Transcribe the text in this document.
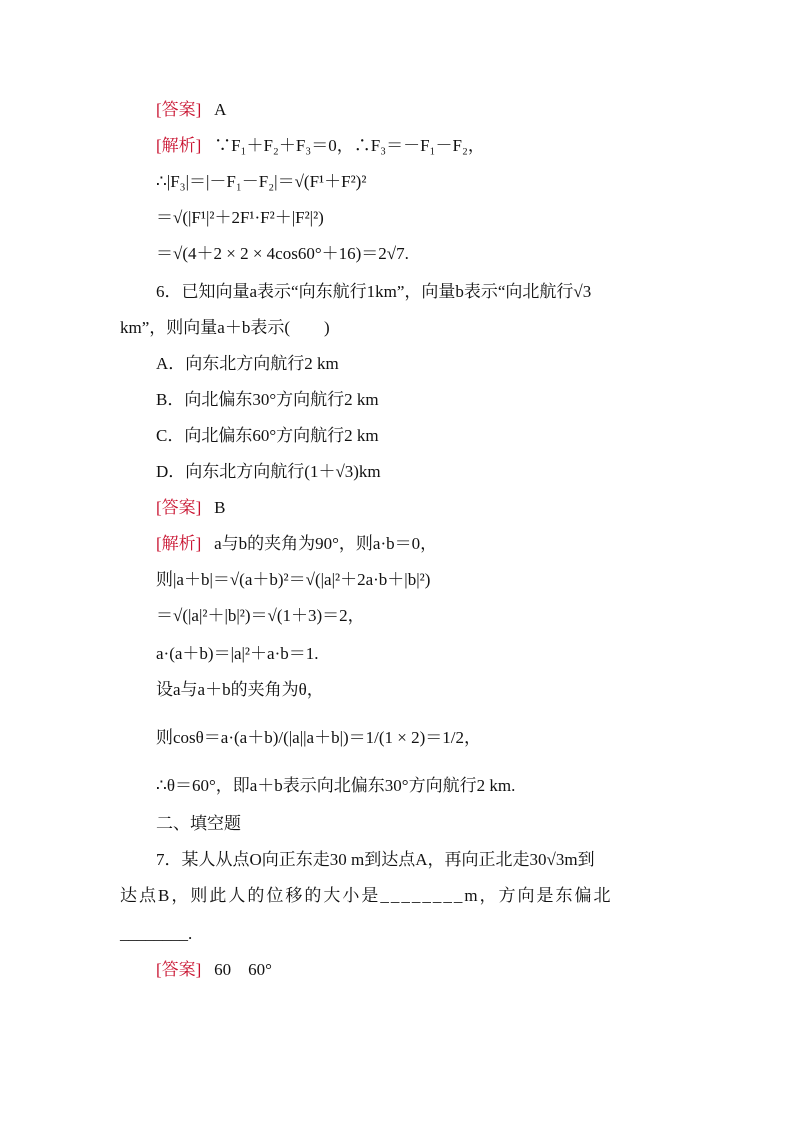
[答案] A
[解析] ∵F₁＋F₂＋F₃＝0，∴F₃＝－F₁－F₂，
∴|F₃|＝|－F₁－F₂|＝√(F¹＋F²)²
＝√(|F¹|²＋2F¹·F²＋|F²|²)
＝√(4＋2 × 2 × 4cos60°＋16)＝2√7.
6．已知向量a表示“向东航行1km”，向量b表示“向北航行√3
km”，则向量a＋b表示(　　)
A．向东北方向航行2 km
B．向北偏东30°方向航行2 km
C．向北偏东60°方向航行2 km
D．向东北方向航行(1＋√3)km
[答案] B
[解析] a与b的夹角为90°，则a·b＝0，
则|a＋b|＝√(a＋b)²＝√(|a|²＋2a·b＋|b|²)
＝√(|a|²＋|b|²)＝√(1＋3)＝2，
a·(a＋b)＝|a|²＋a·b＝1.
设a与a＋b的夹角为θ，
则cosθ＝a·(a＋b)/(|a||a＋b|)＝1/(1 × 2)＝1/2，
∴θ＝60°，即a＋b表示向北偏东30°方向航行2 km.
二、填空题
7．某人从点O向正东走30 m到达点A，再向正北走30√3m到
达点B，则此人的位移的大小是________m，方向是东偏北
________.
[答案] 60　60°
